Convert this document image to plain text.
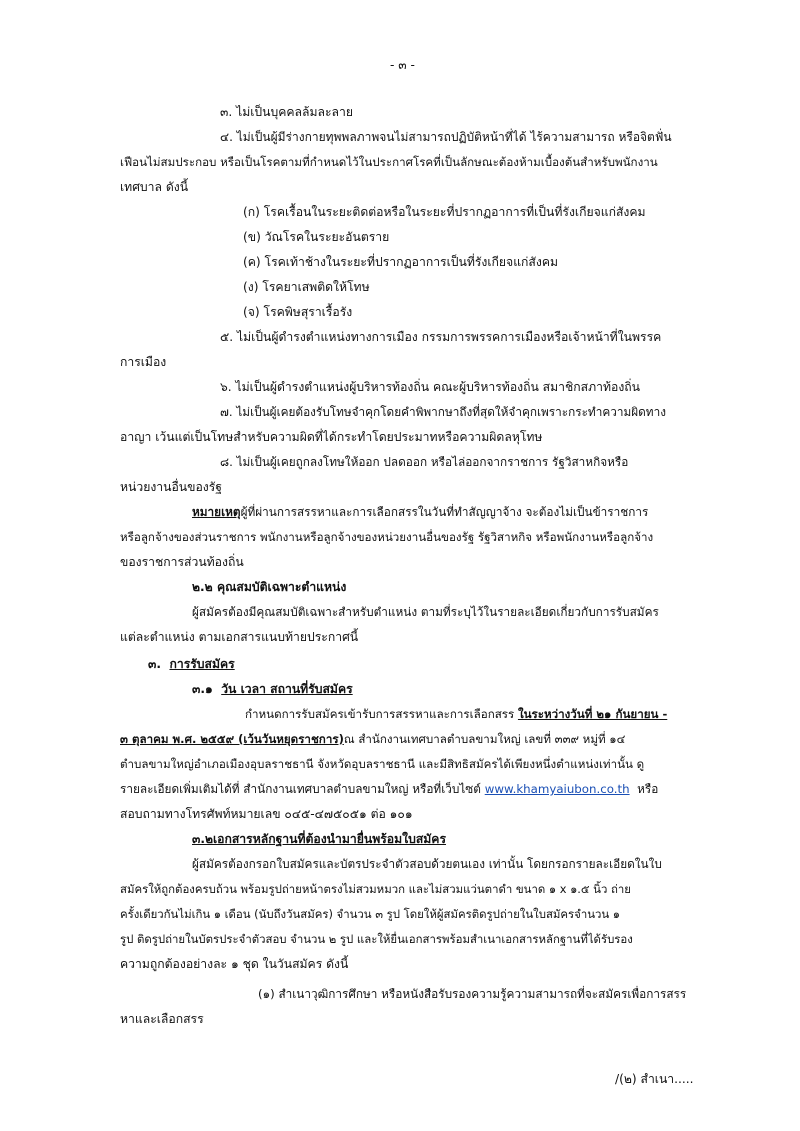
- ๓ -
๓. ไม่เป็นบุคคลล้มละลาย
๔. ไม่เป็นผู้มีร่างกายทุพพลภาพจนไม่สามารถปฏิบัติหน้าที่ได้ ไร้ความสามารถ หรือจิตฟั่น
เฟือนไม่สมประกอบ หรือเป็นโรคตามที่กำหนดไว้ในประกาศโรคที่เป็นลักษณะต้องห้ามเบื้องต้นสำหรับพนักงาน
เทศบาล ดังนี้
(ก) โรคเรื้อนในระยะติดต่อหรือในระยะที่ปรากฏอาการที่เป็นที่รังเกียจแก่สังคม
(ข) วัณโรคในระยะอันตราย
(ค) โรคเท้าช้างในระยะที่ปรากฏอาการเป็นที่รังเกียจแก่สังคม
(ง) โรคยาเสพติดให้โทษ
(จ) โรคพิษสุราเรื้อรัง
๕. ไม่เป็นผู้ดำรงตำแหน่งทางการเมือง กรรมการพรรคการเมืองหรือเจ้าหน้าที่ในพรรค
การเมือง
๖. ไม่เป็นผู้ดำรงตำแหน่งผู้บริหารท้องถิ่น คณะผู้บริหารท้องถิ่น สมาชิกสภาท้องถิ่น
๗. ไม่เป็นผู้เคยต้องรับโทษจำคุกโดยคำพิพากษาถึงที่สุดให้จำคุกเพราะกระทำความผิดทาง
อาญา เว้นแต่เป็นโทษสำหรับความผิดที่ได้กระทำโดยประมาทหรือความผิดลหุโทษ
๘. ไม่เป็นผู้เคยถูกลงโทษให้ออก ปลดออก หรือไล่ออกจากราชการ รัฐวิสาหกิจหรือ
หน่วยงานอื่นของรัฐ
หมายเหตุผู้ที่ผ่านการสรรหาและการเลือกสรรในวันที่ทำสัญญาจ้าง จะต้องไม่เป็นข้าราชการ
หรือลูกจ้างของส่วนราชการ พนักงานหรือลูกจ้างของหน่วยงานอื่นของรัฐ รัฐวิสาหกิจ หรือพนักงานหรือลูกจ้าง
ของราชการส่วนท้องถิ่น
๒.๒ คุณสมบัติเฉพาะตำแหน่ง
ผู้สมัครต้องมีคุณสมบัติเฉพาะสำหรับตำแหน่ง ตามที่ระบุไว้ในรายละเอียดเกี่ยวกับการรับสมัคร
แต่ละตำแหน่ง ตามเอกสารแนบท้ายประกาศนี้
๓. การรับสมัคร
๓.๑ วัน เวลา สถานที่รับสมัคร
กำหนดการรับสมัครเข้ารับการสรรหาและการเลือกสรร ในระหว่างวันที่ ๒๑ กันยายน -
๓ ตุลาคม พ.ศ. ๒๕๕๙ (เว้นวันหยุดราชการ)ณ สำนักงานเทศบาลตำบลขามใหญ่ เลขที่ ๓๓๙ หมู่ที่ ๑๔
ตำบลขามใหญ่อำเภอเมืองอุบลราชธานี จังหวัดอุบลราชธานี และมีสิทธิสมัครได้เพียงหนึ่งตำแหน่งเท่านั้น ดู
รายละเอียดเพิ่มเติมได้ที่ สำนักงานเทศบาลตำบลขามใหญ่ หรือที่เว็บไซต์ www.khamyaiubon.co.th หรือ
สอบถามทางโทรศัพท์หมายเลข ๐๔๕-๔๗๕๐๕๑ ต่อ ๑๐๑
๓.๒เอกสารหลักฐานที่ต้องนำมายื่นพร้อมใบสมัคร
ผู้สมัครต้องกรอกใบสมัครและบัตรประจำตัวสอบด้วยตนเอง เท่านั้น โดยกรอกรายละเอียดในใบ
สมัครให้ถูกต้องครบถ้วน พร้อมรูปถ่ายหน้าตรงไม่สวมหมวก และไม่สวมแว่นตาดำ ขนาด ๑ x ๑.๕ นิ้ว ถ่าย
ครั้งเดียวกันไม่เกิน ๑ เดือน (นับถึงวันสมัคร) จำนวน ๓ รูป โดยให้ผู้สมัครติดรูปถ่ายในใบสมัครจำนวน ๑
รูป ติดรูปถ่ายในบัตรประจำตัวสอบ จำนวน ๒ รูป และให้ยื่นเอกสารพร้อมสำเนาเอกสารหลักฐานที่ได้รับรอง
ความถูกต้องอย่างละ ๑ ชุด ในวันสมัคร ดังนี้
(๑) สำเนาวุฒิการศึกษา หรือหนังสือรับรองความรู้ความสามารถที่จะสมัครเพื่อการสรร
หาและเลือกสรร
/(๒) สำเนา.....
